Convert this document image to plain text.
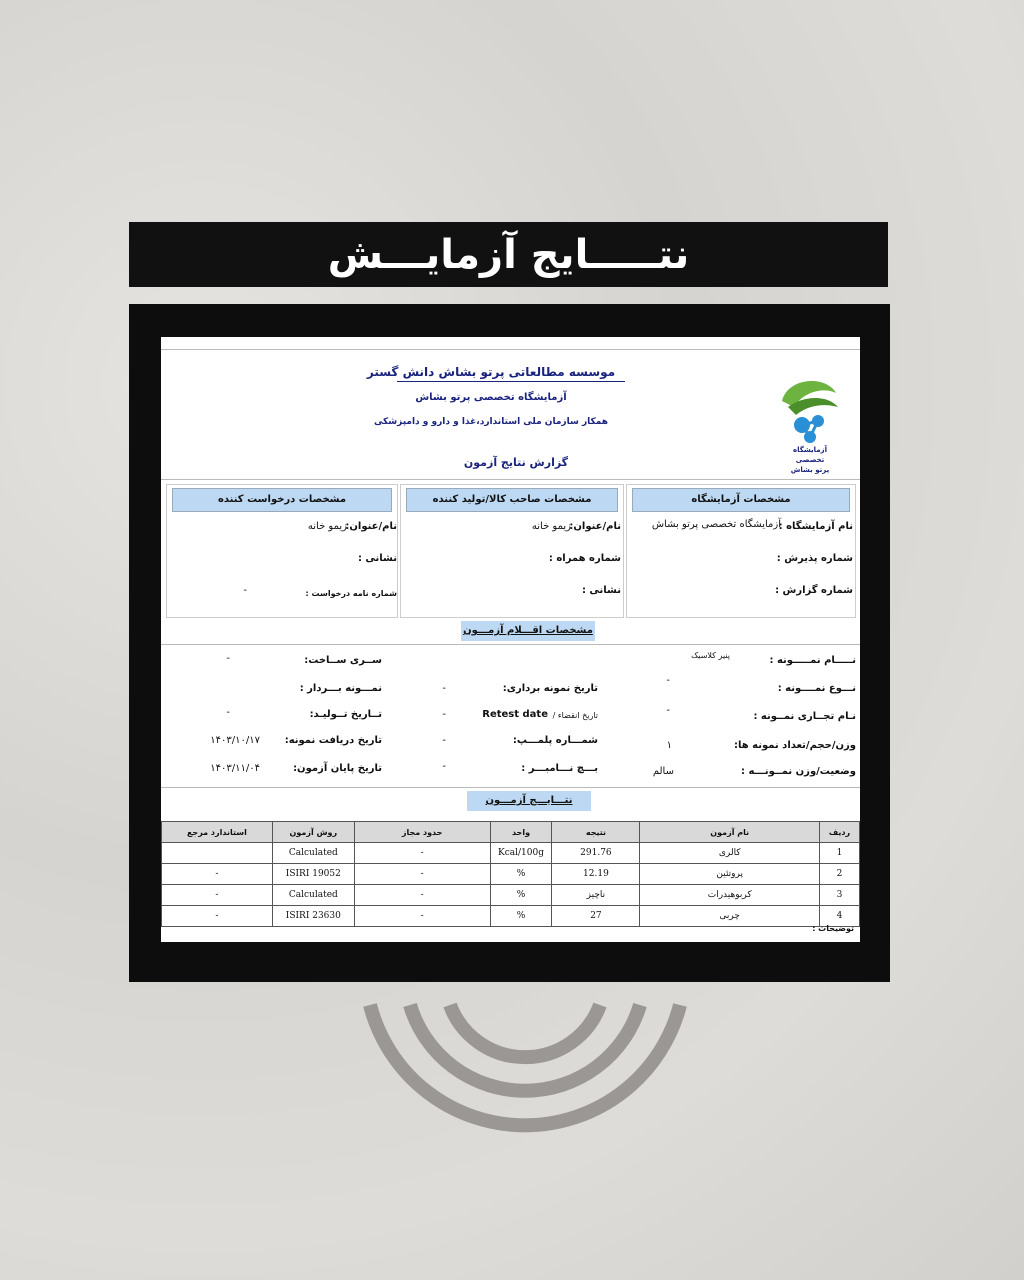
نتـــــایج آزمایـــش
موسسه مطالعاتی پرتو بشاش دانش گستر
آزمایشگاه تخصصی پرتو بشاش
همکار سازمان ملی استاندارد،غذا و دارو و دامپزشکی
گزارش نتایج آزمون
آزمایشگاه تخصصی
پرتو بشاش
مشخصات آزمایشگاه
نام آزمایشگاه :
آزمایشگاه تخصصی پرتو بشاش
شماره پذیرش :
شماره گزارش :
مشخصات صاحب کالا/تولید کننده
نام/عنوان:
زیمو خانه
شماره همراه :
نشانی :
مشخصات درخواست کننده
نام/عنوان:
زیمو خانه
نشانی :
شماره نامه درخواست :
-
مشخصات اقـــلام آزمـــون
نـــــام نمـــــونه :
پنیر کلاسیک
نـــوع نمــــونه :
-
نـام تجــاری نمــونه :
-
وزن/حجم/تعداد نمونه ها:
۱
وضعیت/وزن نمــونـــه :
سالم
تاریخ نمونه برداری:
-
تاریخ انقضاء /
Retest date
-
شمـــاره پلمـــپ:
-
بـــچ نـــامبـــر :
-
ســری ســاخت:
-
نمـــونه بـــردار :
تــاریخ تــولیـد:
-
تاریخ دریافت نمونه:
۱۴۰۳/۱۰/۱۷
تاریخ پایان آزمون:
۱۴۰۳/۱۱/۰۴
نتـــایـــج آزمـــون
ردیف	نام آزمون	نتیجه	واحد	حدود مجاز	روش آزمون	استاندارد مرجع
1	کالری	291.76	Kcal/100g	-	Calculated	
2	پروتئین	12.19	%	-	ISIRI 19052	-
3	کربوهیدرات	ناچیز	%	-	Calculated	-
4	چربی	27	%	-	ISIRI 23630	-
توضیحات :
